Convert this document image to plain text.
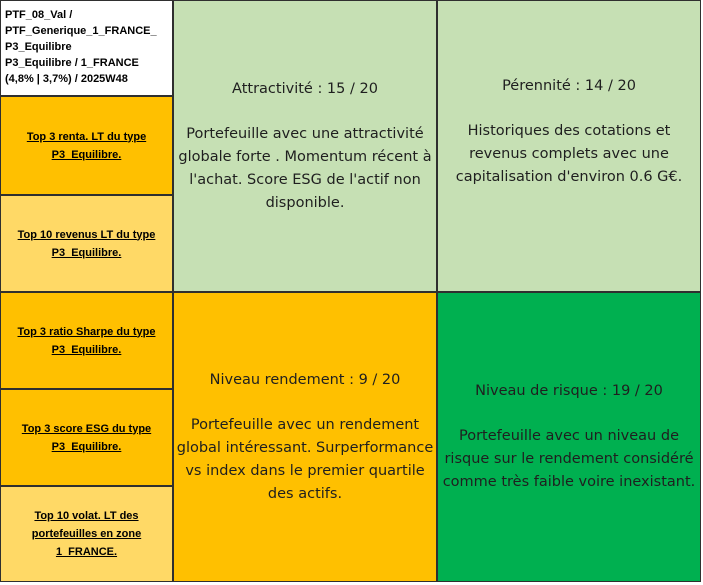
PTF_08_Val /
PTF_Generique_1_FRANCE_
P3_Equilibre
P3_Equilibre / 1_FRANCE
(4,8% | 3,7%) / 2025W48
Top 3 renta. LT du type P3_Equilibre.
Top 10 revenus LT du type P3_Equilibre.
Top 3 ratio Sharpe du type P3_Equilibre.
Top 3 score ESG du type P3_Equilibre.
Top 10 volat. LT des portefeuilles en zone 1_FRANCE.
Attractivité : 15 / 20
Portefeuille avec une attractivité globale forte . Momentum récent à l'achat. Score ESG de l'actif non disponible.
Pérennité : 14 / 20
Historiques des cotations et revenus complets avec une capitalisation d'environ 0.6 G€.
Niveau rendement : 9 / 20
Portefeuille avec un rendement global intéressant. Surperformance vs index dans le premier quartile des actifs.
Niveau de risque : 19 / 20
Portefeuille avec un niveau de risque sur le rendement considéré comme très faible voire inexistant.
